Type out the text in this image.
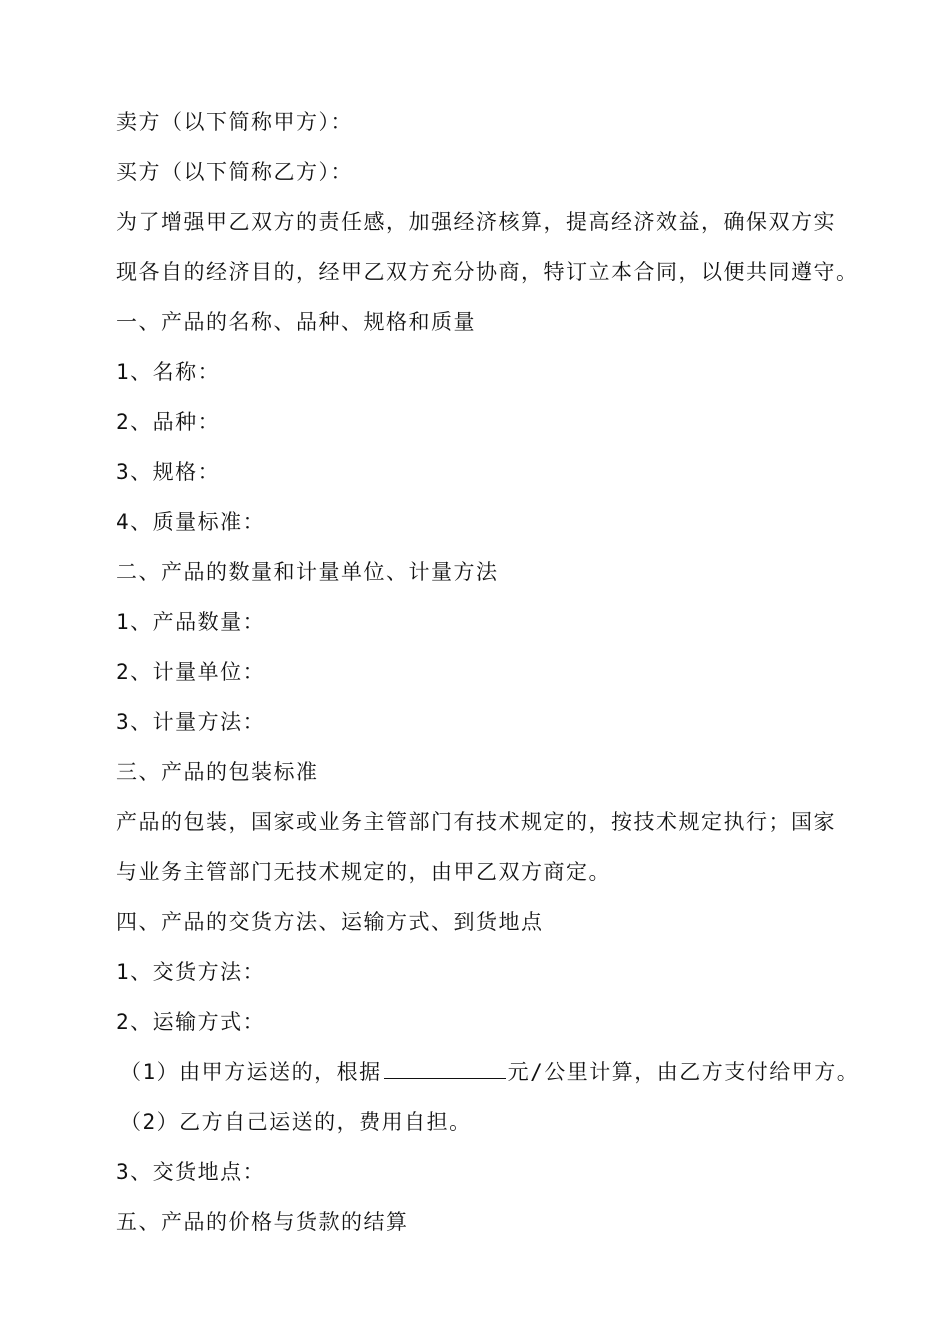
卖方（以下简称甲方）：
买方（以下简称乙方）：
为了增强甲乙双方的责任感，加强经济核算，提高经济效益，确保双方实
现各自的经济目的，经甲乙双方充分协商，特订立本合同，以便共同遵守。
一、产品的名称、品种、规格和质量
1、名称：
2、品种：
3、规格：
4、质量标准：
二、产品的数量和计量单位、计量方法
1、产品数量：
2、计量单位：
3、计量方法：
三、产品的包装标准
产品的包装，国家或业务主管部门有技术规定的，按技术规定执行；国家
与业务主管部门无技术规定的，由甲乙双方商定。
四、产品的交货方法、运输方式、到货地点
1、交货方法：
2、运输方式：
（1）由甲方运送的，根据	元/公里计算，由乙方支付给甲方。
（2）乙方自己运送的，费用自担。
3、交货地点：
五、产品的价格与货款的结算
